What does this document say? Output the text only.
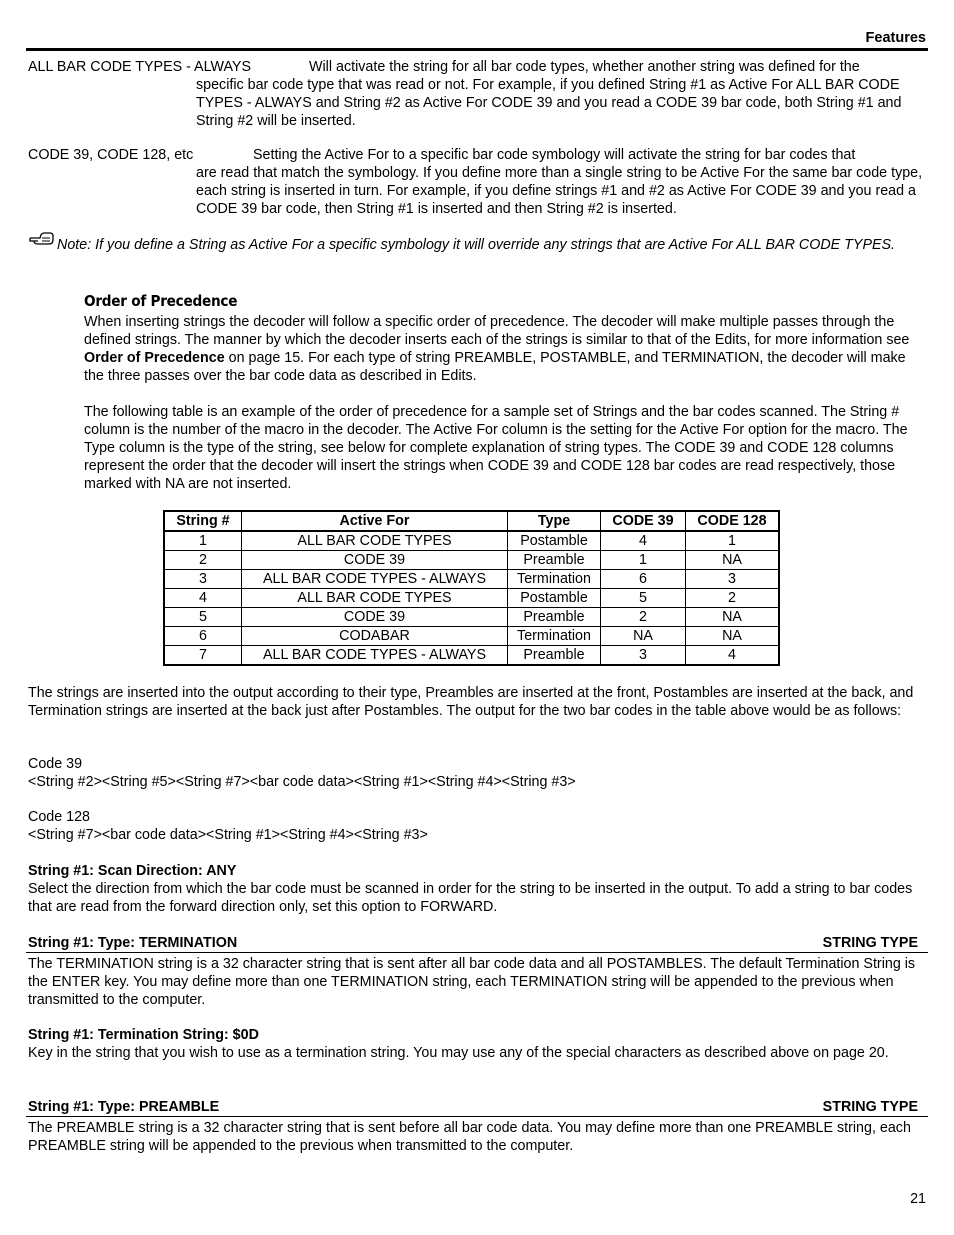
Features
ALL BAR CODE TYPES - ALWAYS	Will activate the string for all bar code types, whether another string was defined for the
specific bar code type that was read or not. For example, if you defined String #1 as Active For ALL BAR CODE TYPES - ALWAYS and String #2 as Active For CODE 39 and you read a CODE 39 bar code, both String #1 and String #2 will be inserted.
CODE 39, CODE 128, etc	Setting the Active For to a specific bar code symbology will activate the string for bar codes that
are read that match the symbology. If you define more than a single string to be Active For the same bar code type, each string is inserted in turn. For example, if you define strings #1 and #2 as Active For CODE 39 and you read a CODE 39 bar code, then String #1 is inserted and then String #2 is inserted.
Note: If you define a String as Active For a specific symbology it will override any strings that are Active For ALL BAR CODE TYPES.
Order of Precedence
When inserting strings the decoder will follow a specific order of precedence. The decoder will make multiple passes through the defined strings. The manner by which the decoder inserts each of the strings is similar to that of the Edits, for more information see Order of Precedence on page 15. For each type of string PREAMBLE, POSTAMBLE, and TERMINATION, the decoder will make the three passes over the bar code data as described in Edits.
The following table is an example of the order of precedence for a sample set of Strings and the bar codes scanned. The String # column is the number of the macro in the decoder. The Active For column is the setting for the Active For option for the macro. The Type column is the type of the string, see below for complete explanation of string types. The CODE 39 and CODE 128 columns represent the order that the decoder will insert the strings when CODE 39 and CODE 128 bar codes are read respectively, those marked with NA are not inserted.
String #	Active For	Type	CODE 39	CODE 128
1	ALL BAR CODE TYPES	Postamble	4	1
2	CODE 39	Preamble	1	NA
3	ALL BAR CODE TYPES - ALWAYS	Termination	6	3
4	ALL BAR CODE TYPES	Postamble	5	2
5	CODE 39	Preamble	2	NA
6	CODABAR	Termination	NA	NA
7	ALL BAR CODE TYPES - ALWAYS	Preamble	3	4
The strings are inserted into the output according to their type, Preambles are inserted at the front, Postambles are inserted at the back, and Termination strings are inserted at the back just after Postambles. The output for the two bar codes in the table above would be as follows:
Code 39
<String #2><String #5><String #7><bar code data><String #1><String #4><String #3>
Code 128
<String #7><bar code data><String #1><String #4><String #3>
String #1: Scan Direction: ANY
Select the direction from which the bar code must be scanned in order for the string to be inserted in the output. To add a string to bar codes that are read from the forward direction only, set this option to FORWARD.
String #1: Type: TERMINATION	STRING TYPE
The TERMINATION string is a 32 character string that is sent after all bar code data and all POSTAMBLES. The default Termination String is the ENTER key. You may define more than one TERMINATION string, each TERMINATION string will be appended to the previous when transmitted to the computer.
String #1: Termination String: $0D
Key in the string that you wish to use as a termination string. You may use any of the special characters as described above on page 20.
String #1: Type: PREAMBLE	STRING TYPE
The PREAMBLE string is a 32 character string that is sent before all bar code data. You may define more than one PREAMBLE string, each PREAMBLE string will be appended to the previous when transmitted to the computer.
21
